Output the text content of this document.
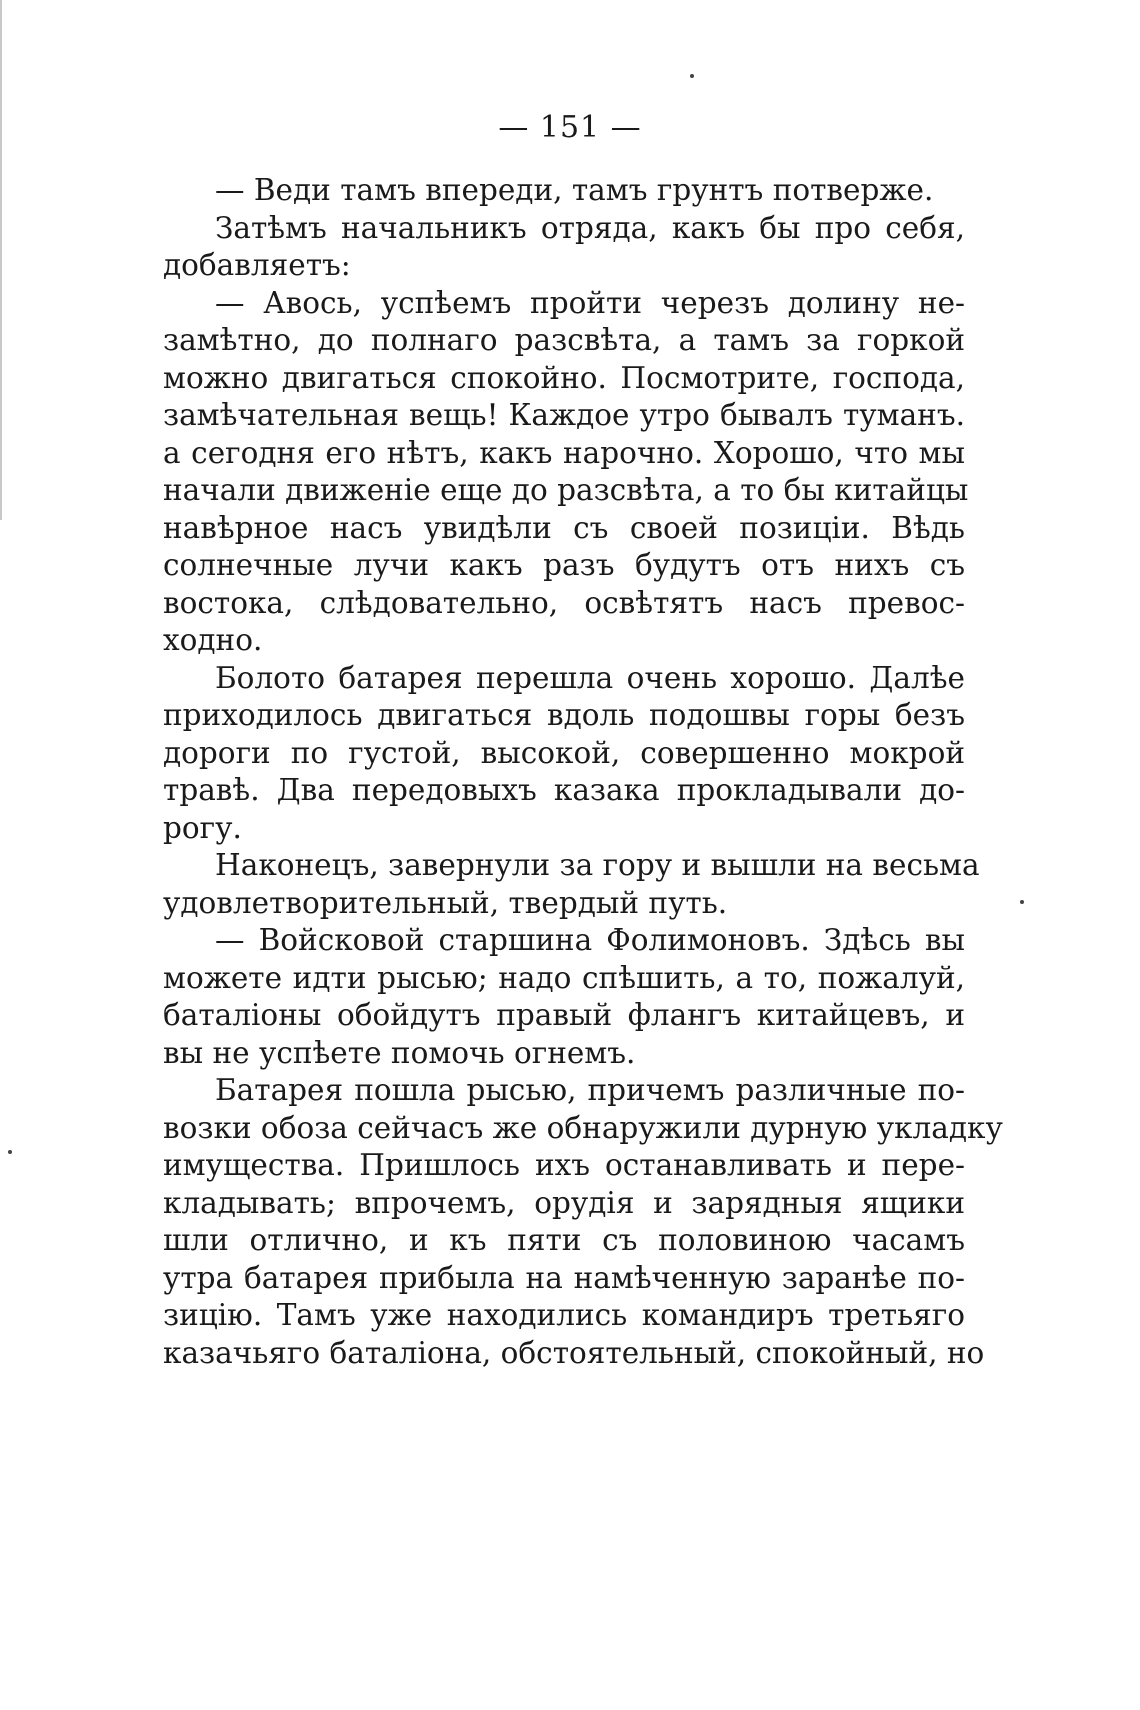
— 151 —
— Веди тамъ впереди, тамъ грунтъ потверже.
Затѣмъ начальникъ отряда, какъ бы про себя,
добавляетъ:
— Авось, успѣемъ пройти черезъ долину не-
замѣтно, до полнаго разсвѣта, а тамъ за горкой
можно двигаться спокойно. Посмотрите, господа,
замѣчательная вещь! Каждое утро бывалъ туманъ.
а сегодня его нѣтъ, какъ нарочно. Хорошо, что мы
начали движеніе еще до разсвѣта, а то бы китайцы
навѣрное насъ увидѣли съ своей позиціи. Вѣдь
солнечные лучи какъ разъ будутъ отъ нихъ съ
востока, слѣдовательно, освѣтятъ насъ превос-
ходно.
Болото батарея перешла очень хорошо. Далѣе
приходилось двигаться вдоль подошвы горы безъ
дороги по густой, высокой, совершенно мокрой
травѣ. Два передовыхъ казака прокладывали до-
рогу.
Наконецъ, завернули за гору и вышли на весьма
удовлетворительный, твердый путь.
— Войсковой старшина Фолимоновъ. Здѣсь вы
можете идти рысью; надо спѣшить, а то, пожалуй,
баталіоны обойдутъ правый флангъ китайцевъ, и
вы не успѣете помочь огнемъ.
Батарея пошла рысью, причемъ различные по-
возки обоза сейчасъ же обнаружили дурную укладку
имущества. Пришлось ихъ останавливать и пере-
кладывать; впрочемъ, орудія и зарядныя ящики
шли отлично, и къ пяти съ половиною часамъ
утра батарея прибыла на намѣченную заранѣе по-
зицію. Тамъ уже находились командиръ третьяго
казачьяго баталіона, обстоятельный, спокойный, но
